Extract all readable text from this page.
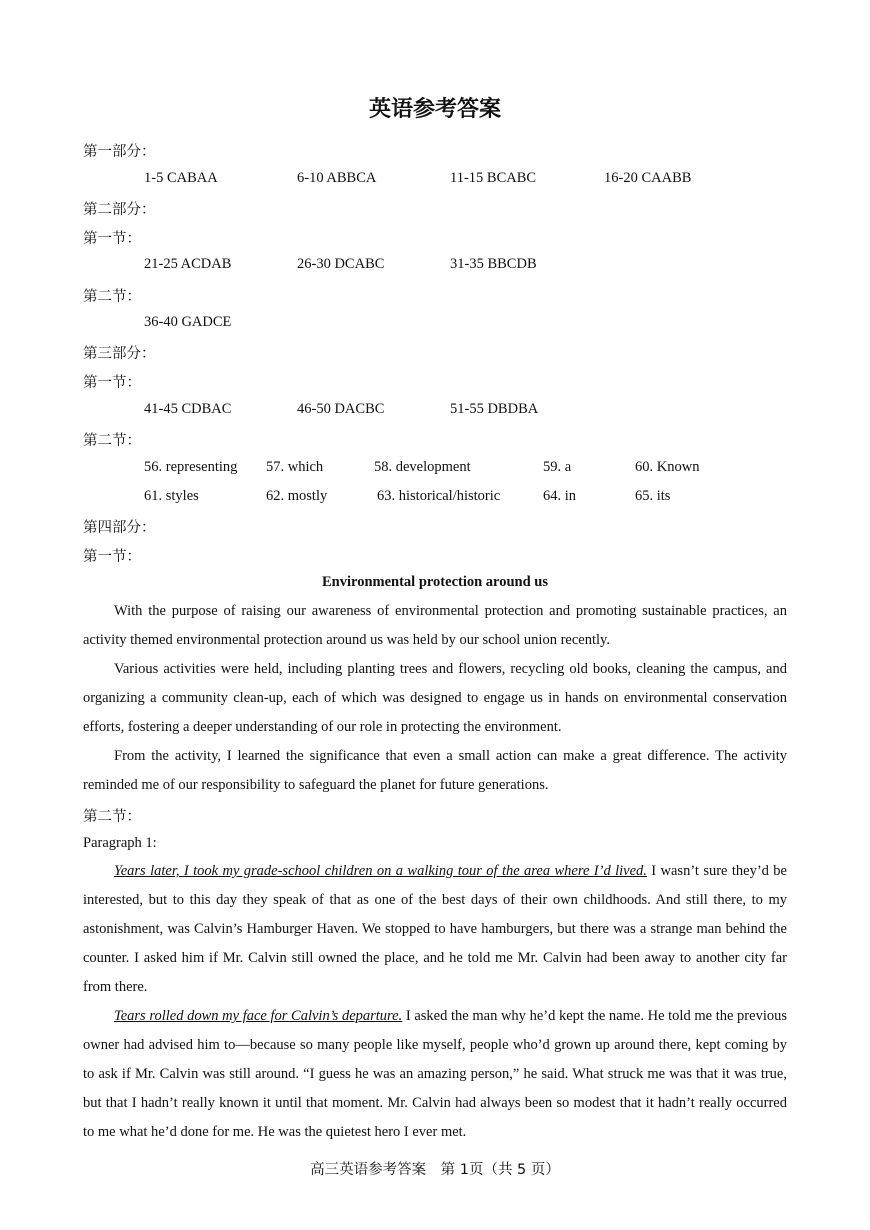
英语参考答案
第一部分：
1-5 CABAA	6-10 ABBCA	11-15 BCABC	16-20 CAABB
第二部分：
第一节：
21-25 ACDAB	26-30 DCABC	31-35 BBCDB
第二节：
36-40 GADCE
第三部分：
第一节：
41-45 CDBAC	46-50 DACBC	51-55 DBDBA
第二节：
56. representing 57. which	58. development	59. a	60. Known
61. styles	62. mostly	63. historical/historic	64. in	65. its
第四部分：
第一节：
Environmental protection around us

With the purpose of raising our awareness of environmental protection and promoting sustainable practices, an activity themed environmental protection around us was held by our school union recently.

Various activities were held, including planting trees and flowers, recycling old books, cleaning the campus, and organizing a community clean-up, each of which was designed to engage us in hands on environmental conservation efforts, fostering a deeper understanding of our role in protecting the environment.

From the activity, I learned the significance that even a small action can make a great difference. The activity reminded me of our responsibility to safeguard the planet for future generations.

第二节：
Paragraph 1:

Years later, I took my grade-school children on a walking tour of the area where I’d lived. I wasn’t sure they’d be interested, but to this day they speak of that as one of the best days of their own childhoods. And still there, to my astonishment, was Calvin’s Hamburger Haven. We stopped to have hamburgers, but there was a strange man behind the counter. I asked him if Mr. Calvin still owned the place, and he told me Mr. Calvin had been away to another city far from there.

Tears rolled down my face for Calvin’s departure. I asked the man why he’d kept the name. He told me the previous owner had advised him to—because so many people like myself, people who’d grown up around there, kept coming by to ask if Mr. Calvin was still around. “I guess he was an amazing person,” he said. What struck me was that it was true, but that I hadn’t really known it until that moment. Mr. Calvin had always been so modest that it hadn’t really occurred to me what he’d done for me. He was the quietest hero I ever met.

高三英语参考答案　第 1页（共 5 页）
